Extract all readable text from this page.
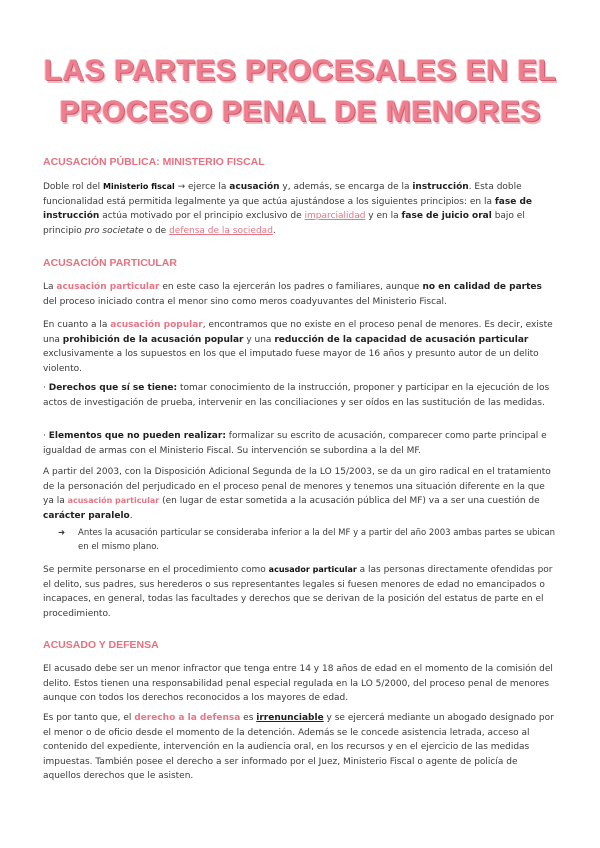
LAS PARTES PROCESALES EN EL PROCESO PENAL DE MENORES
ACUSACIÓN PÚBLICA: MINISTERIO FISCAL

Doble rol del Ministerio fiscal → ejerce la acusación y, además, se encarga de la instrucción. Esta doble funcionalidad está permitida legalmente ya que actúa ajustándose a los siguientes principios: en la fase de instrucción actúa motivado por el principio exclusivo de imparcialidad y en la fase de juicio oral bajo el principio pro societate o de defensa de la sociedad.

ACUSACIÓN PARTICULAR

La acusación particular en este caso la ejercerán los padres o familiares, aunque no en calidad de partes del proceso iniciado contra el menor sino como meros coadyuvantes del Ministerio Fiscal.

En cuanto a la acusación popular, encontramos que no existe en el proceso penal de menores. Es decir, existe una prohibición de la acusación popular y una reducción de la capacidad de acusación particular exclusivamente a los supuestos en los que el imputado fuese mayor de 16 años y presunto autor de un delito violento.

· Derechos que sí se tiene: tomar conocimiento de la instrucción, proponer y participar en la ejecución de los actos de investigación de prueba, intervenir en las conciliaciones y ser oídos en las sustitución de las medidas.

· Elementos que no pueden realizar: formalizar su escrito de acusación, comparecer como parte principal e igualdad de armas con el Ministerio Fiscal. Su intervención se subordina a la del MF.

A partir del 2003, con la Disposición Adicional Segunda de la LO 15/2003, se da un giro radical en el tratamiento de la personación del perjudicado en el proceso penal de menores y tenemos una situación diferente en la que ya la acusación particular (en lugar de estar sometida a la acusación pública del MF) va a ser una cuestión de carácter paralelo.

➜ Antes la acusación particular se consideraba inferior a la del MF y a partir del año 2003 ambas partes se ubican en el mismo plano.

Se permite personarse en el procedimiento como acusador particular a las personas directamente ofendidas por el delito, sus padres, sus herederos o sus representantes legales si fuesen menores de edad no emancipados o incapaces, en general, todas las facultades y derechos que se derivan de la posición del estatus de parte en el procedimiento.

ACUSADO Y DEFENSA

El acusado debe ser un menor infractor que tenga entre 14 y 18 años de edad en el momento de la comisión del delito. Estos tienen una responsabilidad penal especial regulada en la LO 5/2000, del proceso penal de menores aunque con todos los derechos reconocidos a los mayores de edad.

Es por tanto que, el derecho a la defensa es irrenunciable y se ejercerá mediante un abogado designado por el menor o de oficio desde el momento de la detención. Además se le concede asistencia letrada, acceso al contenido del expediente, intervención en la audiencia oral, en los recursos y en el ejercicio de las medidas impuestas. También posee el derecho a ser informado por el Juez, Ministerio Fiscal o agente de policía de aquellos derechos que le asisten.
